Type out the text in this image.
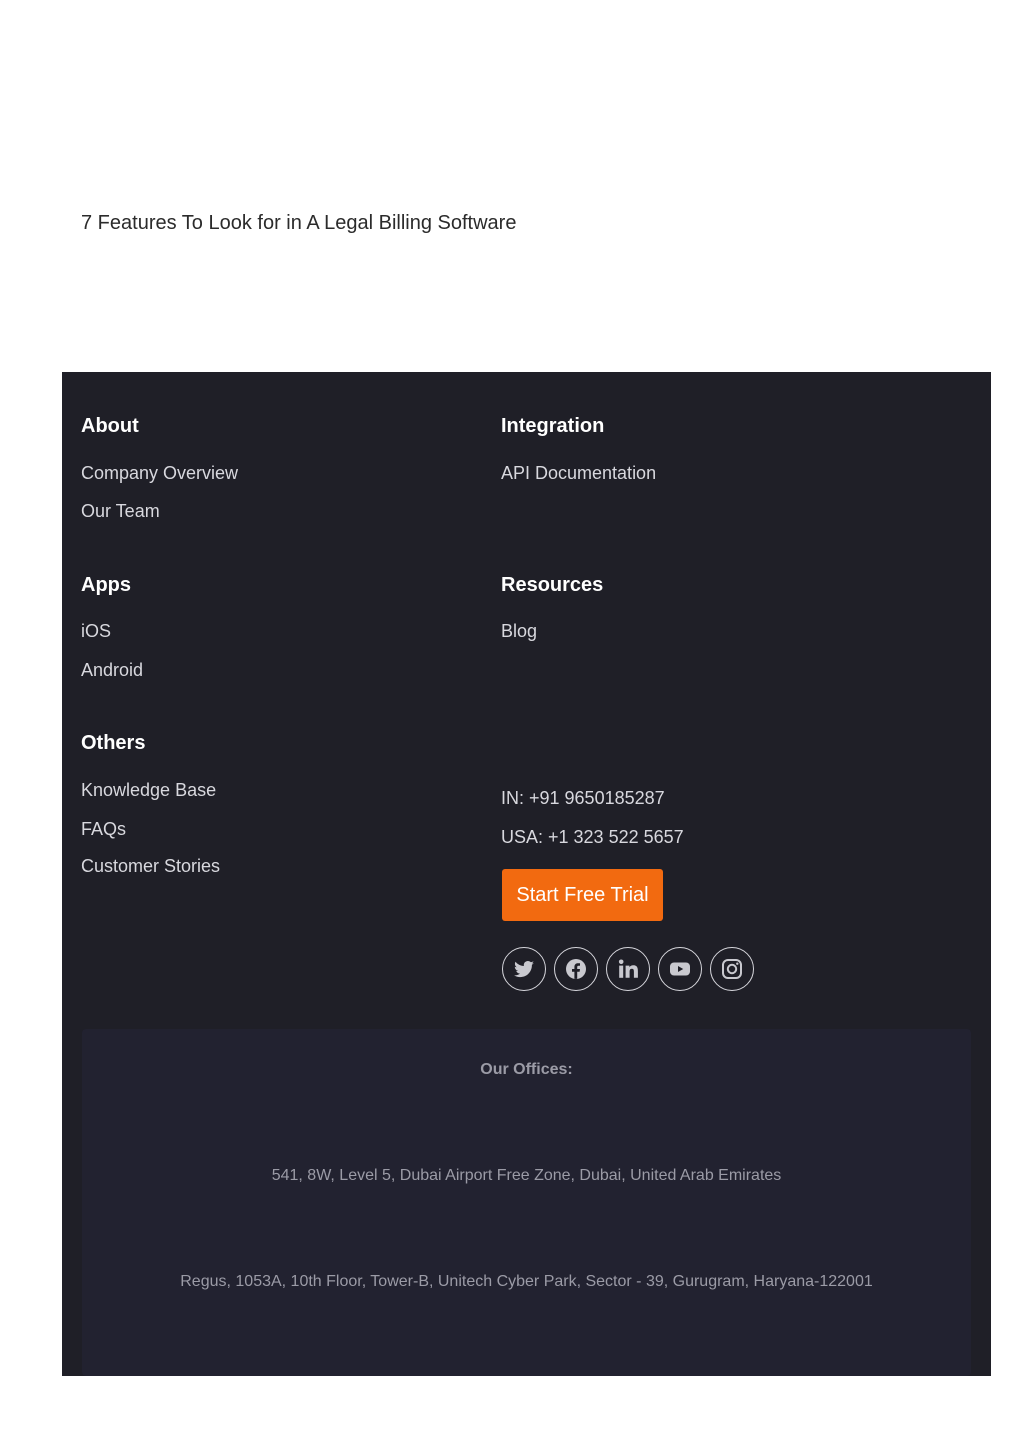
7 Features To Look for in A Legal Billing Software
About
Company Overview
Our Team
Integration
API Documentation
Apps
iOS
Android
Resources
Blog
Others
Knowledge Base
FAQs
Customer Stories
IN: +91 9650185287
USA: +1 323 522 5657
Start Free Trial
Our Offices:
541, 8W, Level 5, Dubai Airport Free Zone, Dubai, United Arab Emirates
Regus, 1053A, 10th Floor, Tower-B, Unitech Cyber Park, Sector - 39, Gurugram, Haryana-122001
